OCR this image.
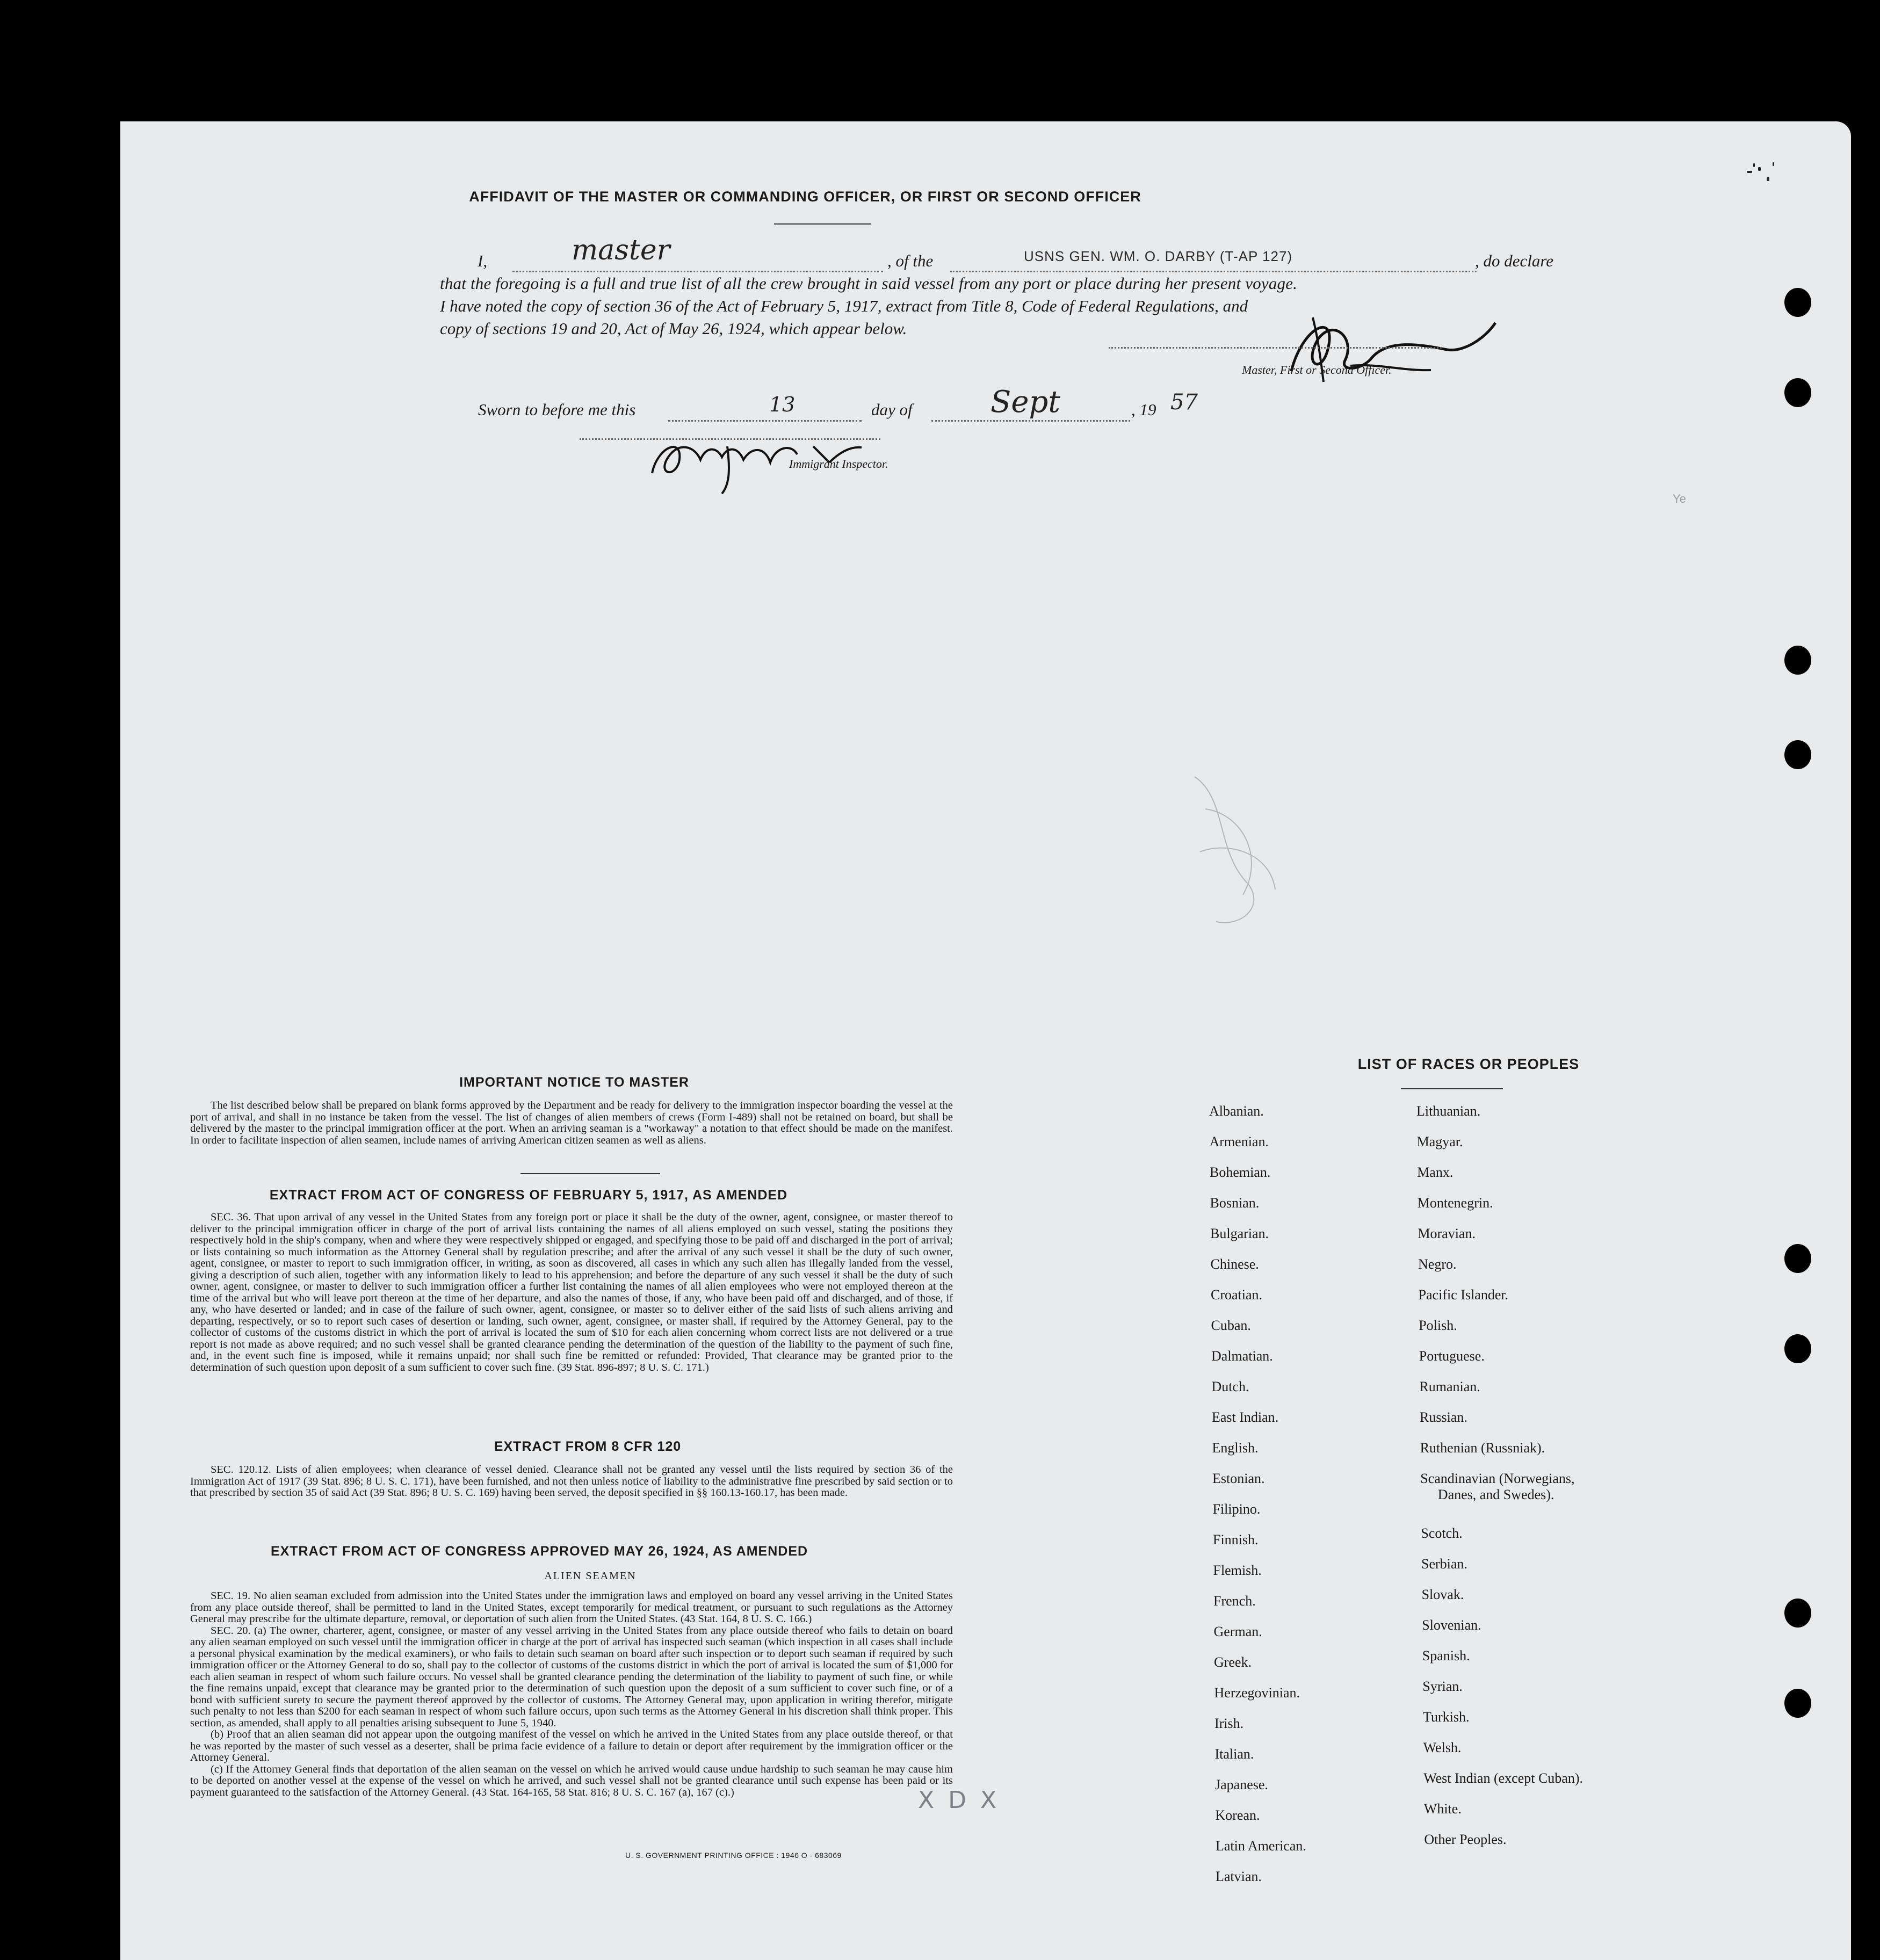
AFFIDAVIT OF THE MASTER OR COMMANDING OFFICER, OR FIRST OR SECOND OFFICER
I,	master	, of the	USNS GEN. WM. O. DARBY (T-AP 127)	, do declare
that the foregoing is a full and true list of all the crew brought in said vessel from any port or place during her present voyage.
I have noted the copy of section 36 of the Act of February 5, 1917, extract from Title 8, Code of Federal Regulations, and
copy of sections 19 and 20, Act of May 26, 1924, which appear below.
Master, First or Second Officer.
Sworn to before me this	13	day of	Sept	, 19 57
Immigrant Inspector.
Ye
IMPORTANT NOTICE TO MASTER
The list described below shall be prepared on blank forms approved by the Department and be ready for delivery to the immigration inspector boarding the vessel at the port of arrival, and shall in no instance be taken from the vessel. The list of changes of alien members of crews (Form I-489) shall not be retained on board, but shall be delivered by the master to the principal immigration officer at the port. When an arriving seaman is a "workaway" a notation to that effect should be made on the manifest. In order to facilitate inspection of alien seamen, include names of arriving American citizen seamen as well as aliens.
EXTRACT FROM ACT OF CONGRESS OF FEBRUARY 5, 1917, AS AMENDED
SEC. 36. That upon arrival of any vessel in the United States from any foreign port or place it shall be the duty of the owner, agent, consignee, or master thereof to deliver to the principal immigration officer in charge of the port of arrival lists containing the names of all aliens employed on such vessel, stating the positions they respectively hold in the ship's company, when and where they were respectively shipped or engaged, and specifying those to be paid off and discharged in the port of arrival; or lists containing so much information as the Attorney General shall by regulation prescribe; and after the arrival of any such vessel it shall be the duty of such owner, agent, consignee, or master to report to such immigration officer, in writing, as soon as discovered, all cases in which any such alien has illegally landed from the vessel, giving a description of such alien, together with any information likely to lead to his apprehension; and before the departure of any such vessel it shall be the duty of such owner, agent, consignee, or master to deliver to such immigration officer a further list containing the names of all alien employees who were not employed thereon at the time of the arrival but who will leave port thereon at the time of her departure, and also the names of those, if any, who have been paid off and discharged, and of those, if any, who have deserted or landed; and in case of the failure of such owner, agent, consignee, or master so to deliver either of the said lists of such aliens arriving and departing, respectively, or so to report such cases of desertion or landing, such owner, agent, consignee, or master shall, if required by the Attorney General, pay to the collector of customs of the customs district in which the port of arrival is located the sum of $10 for each alien concerning whom correct lists are not delivered or a true report is not made as above required; and no such vessel shall be granted clearance pending the determination of the question of the liability to the payment of such fine, and, in the event such fine is imposed, while it remains unpaid; nor shall such fine be remitted or refunded: Provided, That clearance may be granted prior to the determination of such question upon deposit of a sum sufficient to cover such fine. (39 Stat. 896-897; 8 U. S. C. 171.)
EXTRACT FROM 8 CFR 120
SEC. 120.12. Lists of alien employees; when clearance of vessel denied. Clearance shall not be granted any vessel until the lists required by section 36 of the Immigration Act of 1917 (39 Stat. 896; 8 U. S. C. 171), have been furnished, and not then unless notice of liability to the administrative fine prescribed by said section or to that prescribed by section 35 of said Act (39 Stat. 896; 8 U. S. C. 169) having been served, the deposit specified in §§ 160.13-160.17, has been made.
EXTRACT FROM ACT OF CONGRESS APPROVED MAY 26, 1924, AS AMENDED
ALIEN SEAMEN

SEC. 19. No alien seaman excluded from admission into the United States under the immigration laws and employed on board any vessel arriving in the United States from any place outside thereof, shall be permitted to land in the United States, except temporarily for medical treatment, or pursuant to such regulations as the Attorney General may prescribe for the ultimate departure, removal, or deportation of such alien from the United States. (43 Stat. 164, 8 U. S. C. 166.)

SEC. 20. (a) The owner, charterer, agent, consignee, or master of any vessel arriving in the United States from any place outside thereof who fails to detain on board any alien seaman employed on such vessel until the immigration officer in charge at the port of arrival has inspected such seaman (which inspection in all cases shall include a personal physical examination by the medical examiners), or who fails to detain such seaman on board after such inspection or to deport such seaman if required by such immigration officer or the Attorney General to do so, shall pay to the collector of customs of the customs district in which the port of arrival is located the sum of $1,000 for each alien seaman in respect of whom such failure occurs. No vessel shall be granted clearance pending the determination of the liability to payment of such fine, or while the fine remains unpaid, except that clearance may be granted prior to the determination of such question upon the deposit of a sum sufficient to cover such fine, or of a bond with sufficient surety to secure the payment thereof approved by the collector of customs. The Attorney General may, upon application in writing therefor, mitigate such penalty to not less than $200 for each seaman in respect of whom such failure occurs, upon such terms as the Attorney General in his discretion shall think proper. This section, as amended, shall apply to all penalties arising subsequent to June 5, 1940.

(b) Proof that an alien seaman did not appear upon the outgoing manifest of the vessel on which he arrived in the United States from any place outside thereof, or that he was reported by the master of such vessel as a deserter, shall be prima facie evidence of a failure to detain or deport after requirement by the immigration officer or the Attorney General.

(c) If the Attorney General finds that deportation of the alien seaman on the vessel on which he arrived would cause undue hardship to such seaman he may cause him to be deported on another vessel at the expense of the vessel on which he arrived, and such vessel shall not be granted clearance until such expense has been paid or its payment guaranteed to the satisfaction of the Attorney General. (43 Stat. 164-165, 58 Stat. 816; 8 U. S. C. 167 (a), 167 (c).)

U. S. GOVERNMENT PRINTING OFFICE : 1946 O - 683069
X D X
LIST OF RACES OR PEOPLES
Albanian.
Armenian.
Bohemian.
Bosnian.
Bulgarian.
Chinese.
Croatian.
Cuban.
Dalmatian.
Dutch.
East Indian.
English.
Estonian.
Filipino.
Finnish.
Flemish.
French.
German.
Greek.
Herzegovinian.
Irish.
Italian.
Japanese.
Korean.
Latin American.
Latvian.
Lithuanian.
Magyar.
Manx.
Montenegrin.
Moravian.
Negro.
Pacific Islander.
Polish.
Portuguese.
Rumanian.
Russian.
Ruthenian (Russniak).
Scandinavian (Norwegians,
Danes, and Swedes).
Scotch.
Serbian.
Slovak.
Slovenian.
Spanish.
Syrian.
Turkish.
Welsh.
West Indian (except Cuban).
White.
Other Peoples.
